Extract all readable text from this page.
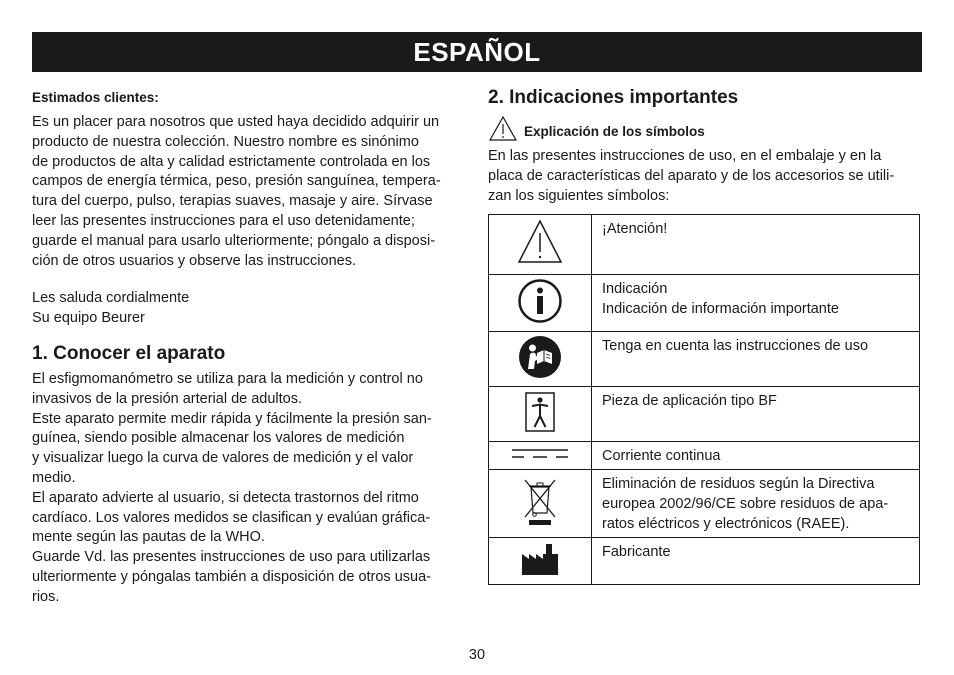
ESPAÑOL

Estimados clientes:

Es un placer para nosotros que usted haya decidido adquirir un
producto de nuestra colección. Nuestro nombre es sinónimo
de productos de alta y calidad estrictamente controlada en los
campos de energía térmica, peso, presión sanguínea, tempera-
tura del cuerpo, pulso, terapias suaves, masaje y aire. Sírvase
leer las presentes instrucciones para el uso detenidamente;
guarde el manual para usarlo ulteriormente; póngalo a disposi-
ción de otros usuarios y observe las instrucciones.

Les saluda cordialmente

Su equipo Beurer

1. Conocer el aparato

El esfigmomanómetro se utiliza para la medición y control no
invasivos de la presión arterial de adultos.
Este aparato permite medir rápida y fácilmente la presión san-
guínea, siendo posible almacenar los valores de medición
y visualizar luego la curva de valores de medición y el valor
medio.
El aparato advierte al usuario, si detecta trastornos del ritmo
cardíaco. Los valores medidos se clasifican y evalúan gráfica-
mente según las pautas de la WHO.
Guarde Vd. las presentes instrucciones de uso para utilizarlas
ulteriormente y póngalas también a disposición de otros usua-
rios.

2. Indicaciones importantes
Explicación de los símbolos

En las presentes instrucciones de uso, en el embalaje y en la
placa de características del aparato y de los accesorios se utili-
zan los siguientes símbolos:

	¡Atención!
	Indicación
Indicación de información importante
	Tenga en cuenta las instrucciones de uso
	Pieza de aplicación tipo BF
	Corriente continua
	Eliminación de residuos según la Directiva
europea 2002/96/CE sobre residuos de apa-
ratos eléctricos y electrónicos (RAEE).
	Fabricante
30
